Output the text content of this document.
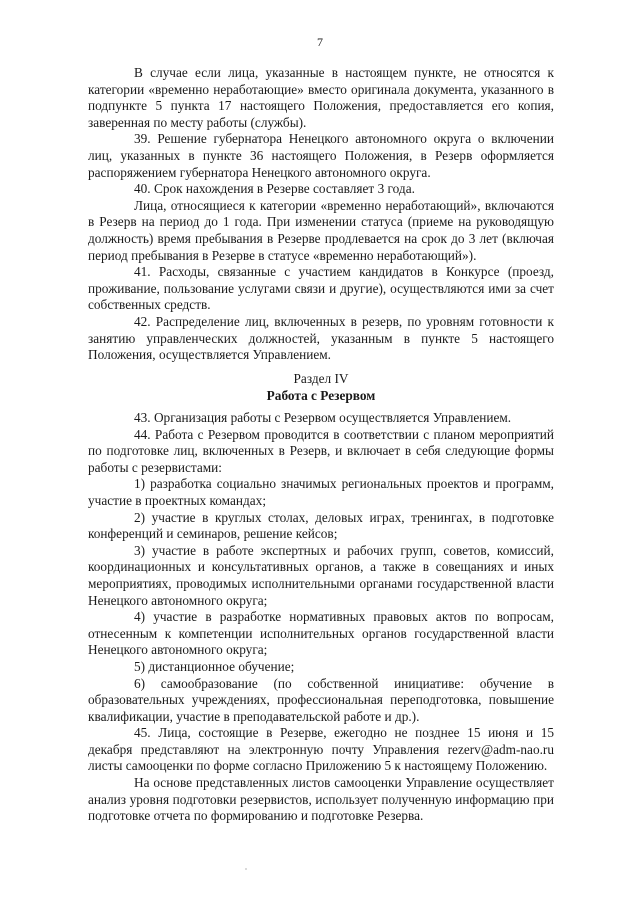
7

В случае если лица, указанные в настоящем пункте, не относятся к категории «временно неработающие» вместо оригинала документа, указанного в подпункте 5 пункта 17 настоящего Положения, предоставляется его копия, заверенная по месту работы (службы).

39. Решение губернатора Ненецкого автономного округа о включении лиц, указанных в пункте 36 настоящего Положения, в Резерв оформляется распоряжением губернатора Ненецкого автономного округа.

40. Срок нахождения в Резерве составляет 3 года.

Лица, относящиеся к категории «временно неработающий», включаются в Резерв на период до 1 года. При изменении статуса (приеме на руководящую должность) время пребывания в Резерве продлевается на срок до 3 лет (включая период пребывания в Резерве в статусе «временно неработающий»).

41. Расходы, связанные с участием кандидатов в Конкурсе (проезд, проживание, пользование услугами связи и другие), осуществляются ими за счет собственных средств.

42. Распределение лиц, включенных в резерв, по уровням готовности к занятию управленческих должностей, указанным в пункте 5 настоящего Положения, осуществляется Управлением.

Раздел IV

Работа с Резервом

43. Организация работы с Резервом осуществляется Управлением.

44. Работа с Резервом проводится в соответствии с планом мероприятий по подготовке лиц, включенных в Резерв, и включает в себя следующие формы работы с резервистами:

1) разработка социально значимых региональных проектов и программ, участие в проектных командах;

2) участие в круглых столах, деловых играх, тренингах, в подготовке конференций и семинаров, решение кейсов;

3) участие в работе экспертных и рабочих групп, советов, комиссий, координационных и консультативных органов, а также в совещаниях и иных мероприятиях, проводимых исполнительными органами государственной власти Ненецкого автономного округа;

4) участие в разработке нормативных правовых актов по вопросам, отнесенным к компетенции исполнительных органов государственной власти Ненецкого автономного округа;

5) дистанционное обучение;

6) самообразование (по собственной инициативе: обучение в образовательных учреждениях, профессиональная переподготовка, повышение квалификации, участие в преподавательской работе и др.).

45. Лица, состоящие в Резерве, ежегодно не позднее 15 июня и 15 декабря представляют на электронную почту Управления rezerv@adm-nao.ru листы самооценки по форме согласно Приложению 5 к настоящему Положению.

На основе представленных листов самооценки Управление осуществляет анализ уровня подготовки резервистов, использует полученную информацию при подготовке отчета по формированию и подготовке Резерва.
